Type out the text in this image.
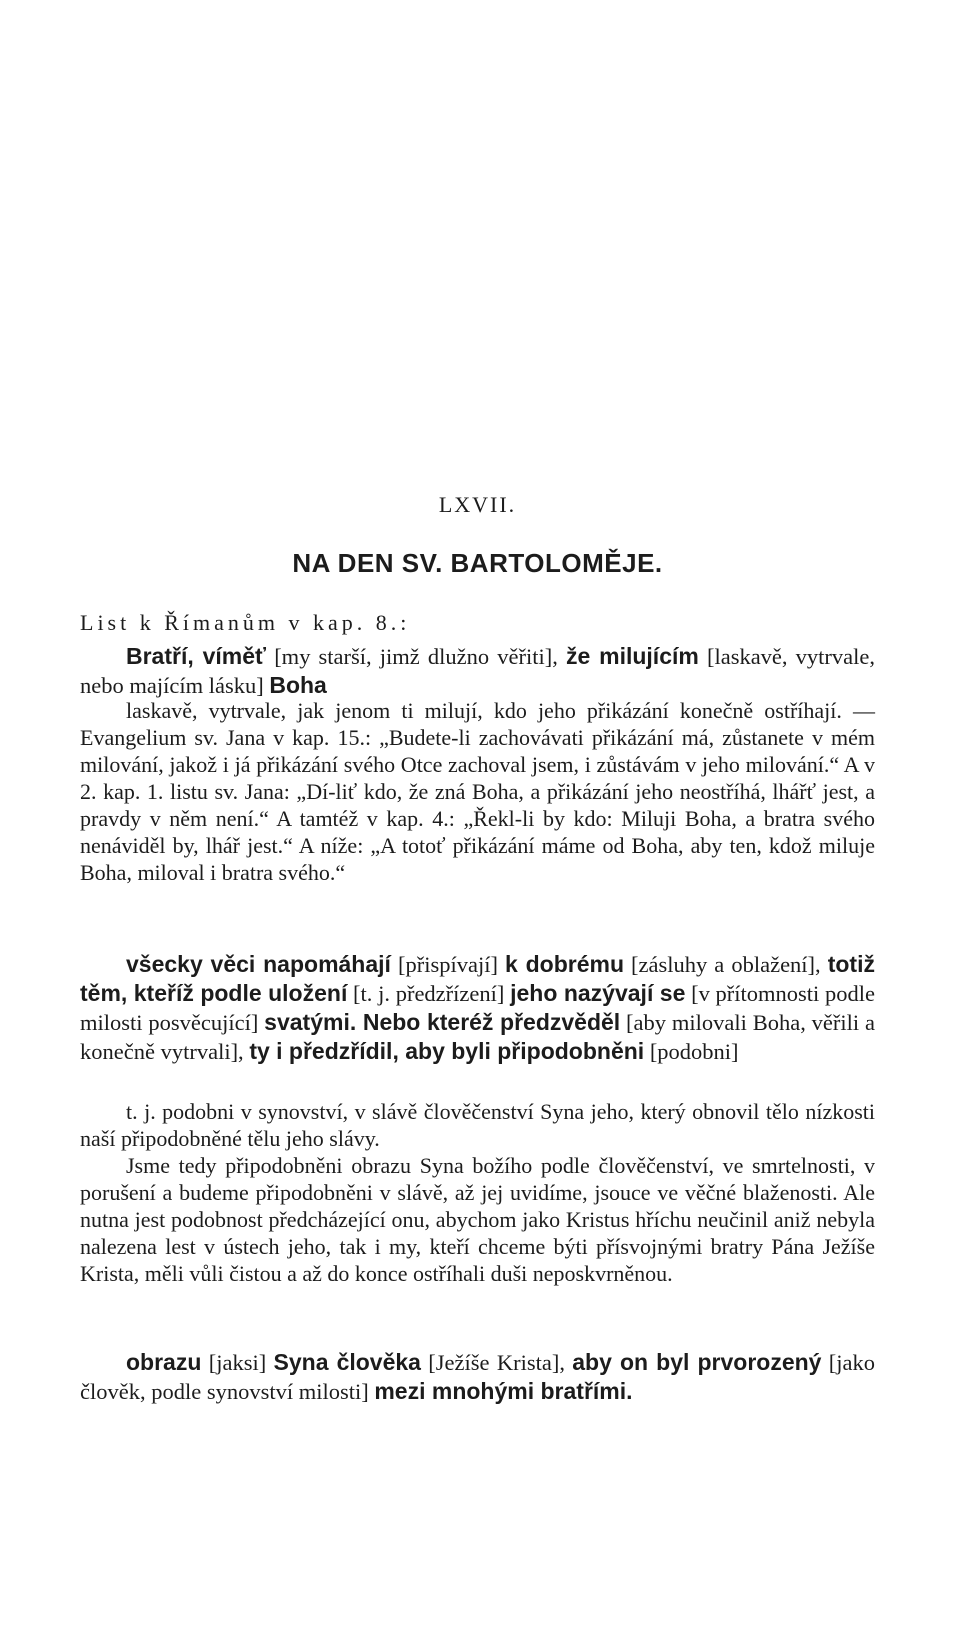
LXVII.
NA DEN SV. BARTOLOMĚJE.
List k Římanům v kap. 8.:

Bratří, víměť [my starší, jimž dlužno věřiti], že milujícím [laskavě, vytrvale, nebo majícím lásku] Boha

laskavě, vytrvale, jak jenom ti milují, kdo jeho přikázání konečně ostříhají. — Evangelium sv. Jana v kap. 15.: „Budete-li zachovávati přikázání má, zůstanete v mém milování, jakož i já přikázání svého Otce zachoval jsem, i zůstávám v jeho milování.“ A v 2. kap. 1. listu sv. Jana: „Dí-liť kdo, že zná Boha, a přikázání jeho neostříhá, lhářť jest, a pravdy v něm není.“ A tamtéž v kap. 4.: „Řekl-li by kdo: Miluji Boha, a bratra svého nenáviděl by, lhář jest.“ A níže: „A totoť přikázání máme od Boha, aby ten, kdož miluje Boha, miloval i bratra svého.“

všecky věci napomáhají [přispívají] k dobrému [zásluhy a oblažení], totiž těm, kteříž podle uložení [t. j. předzřízení] jeho nazývají se [v přítomnosti podle milosti posvěcující] svatými. Nebo kteréž předzvěděl [aby milovali Boha, věřili a konečně vytrvali], ty i předzřídil, aby byli připodobněni [podobni]

t. j. podobni v synovství, v slávě člověčenství Syna jeho, který obnovil tělo nízkosti naší připodobněné tělu jeho slávy.

Jsme tedy připodobněni obrazu Syna božího podle člověčenství, ve smrtelnosti, v porušení a budeme připodobněni v slávě, až jej uvidíme, jsouce ve věčné blaženosti. Ale nutna jest podobnost předcházející onu, abychom jako Kristus hříchu neučinil aniž nebyla nalezena lest v ústech jeho, tak i my, kteří chceme býti přísvojnými bratry Pána Ježíše Krista, měli vůli čistou a až do konce ostříhali duši neposkvrněnou.

obrazu [jaksi] Syna člověka [Ježíše Krista], aby on byl prvorozený [jako člověk, podle synovství milosti] mezi mnohými bratřími.
